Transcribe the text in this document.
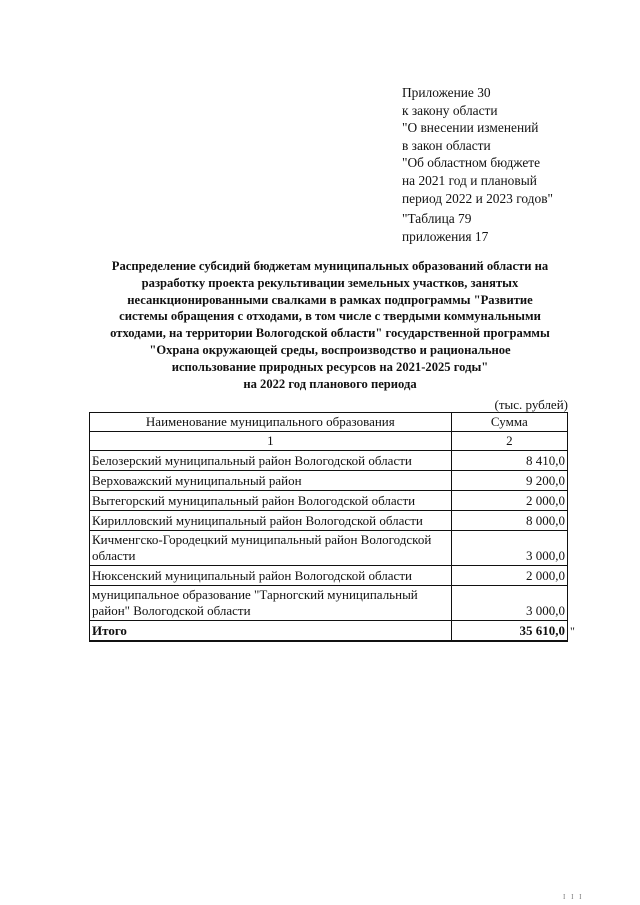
Приложение 30
к закону области
"О внесении изменений
в закон области
"Об областном бюджете
на 2021 год и плановый
период 2022 и 2023 годов"
"Таблица 79
приложения 17
Распределение субсидий бюджетам муниципальных образований области на
разработку проекта рекультивации земельных участков, занятых
несанкционированными свалками в рамках подпрограммы "Развитие
системы обращения с отходами, в том числе с твердыми коммунальными
отходами, на территории Вологодской области" государственной программы
"Охрана окружающей среды, воспроизводство и рациональное
использование природных ресурсов на 2021-2025 годы"
на 2022 год планового периода
(тыс. рублей)
Наименование муниципального образования	Сумма
1	2
Белозерский муниципальный район Вологодской области	8 410,0
Верховажский муниципальный район	9 200,0
Вытегорский муниципальный район Вологодской области	2 000,0
Кирилловский муниципальный район Вологодской области	8 000,0
Кичменгско-Городецкий муниципальный район Вологодской области	3 000,0
Нюксенский муниципальный район Вологодской области	2 000,0
муниципальное образование "Тарногский муниципальный район" Вологодской области	3 000,0
Итого	35 610,0 "
I I I
